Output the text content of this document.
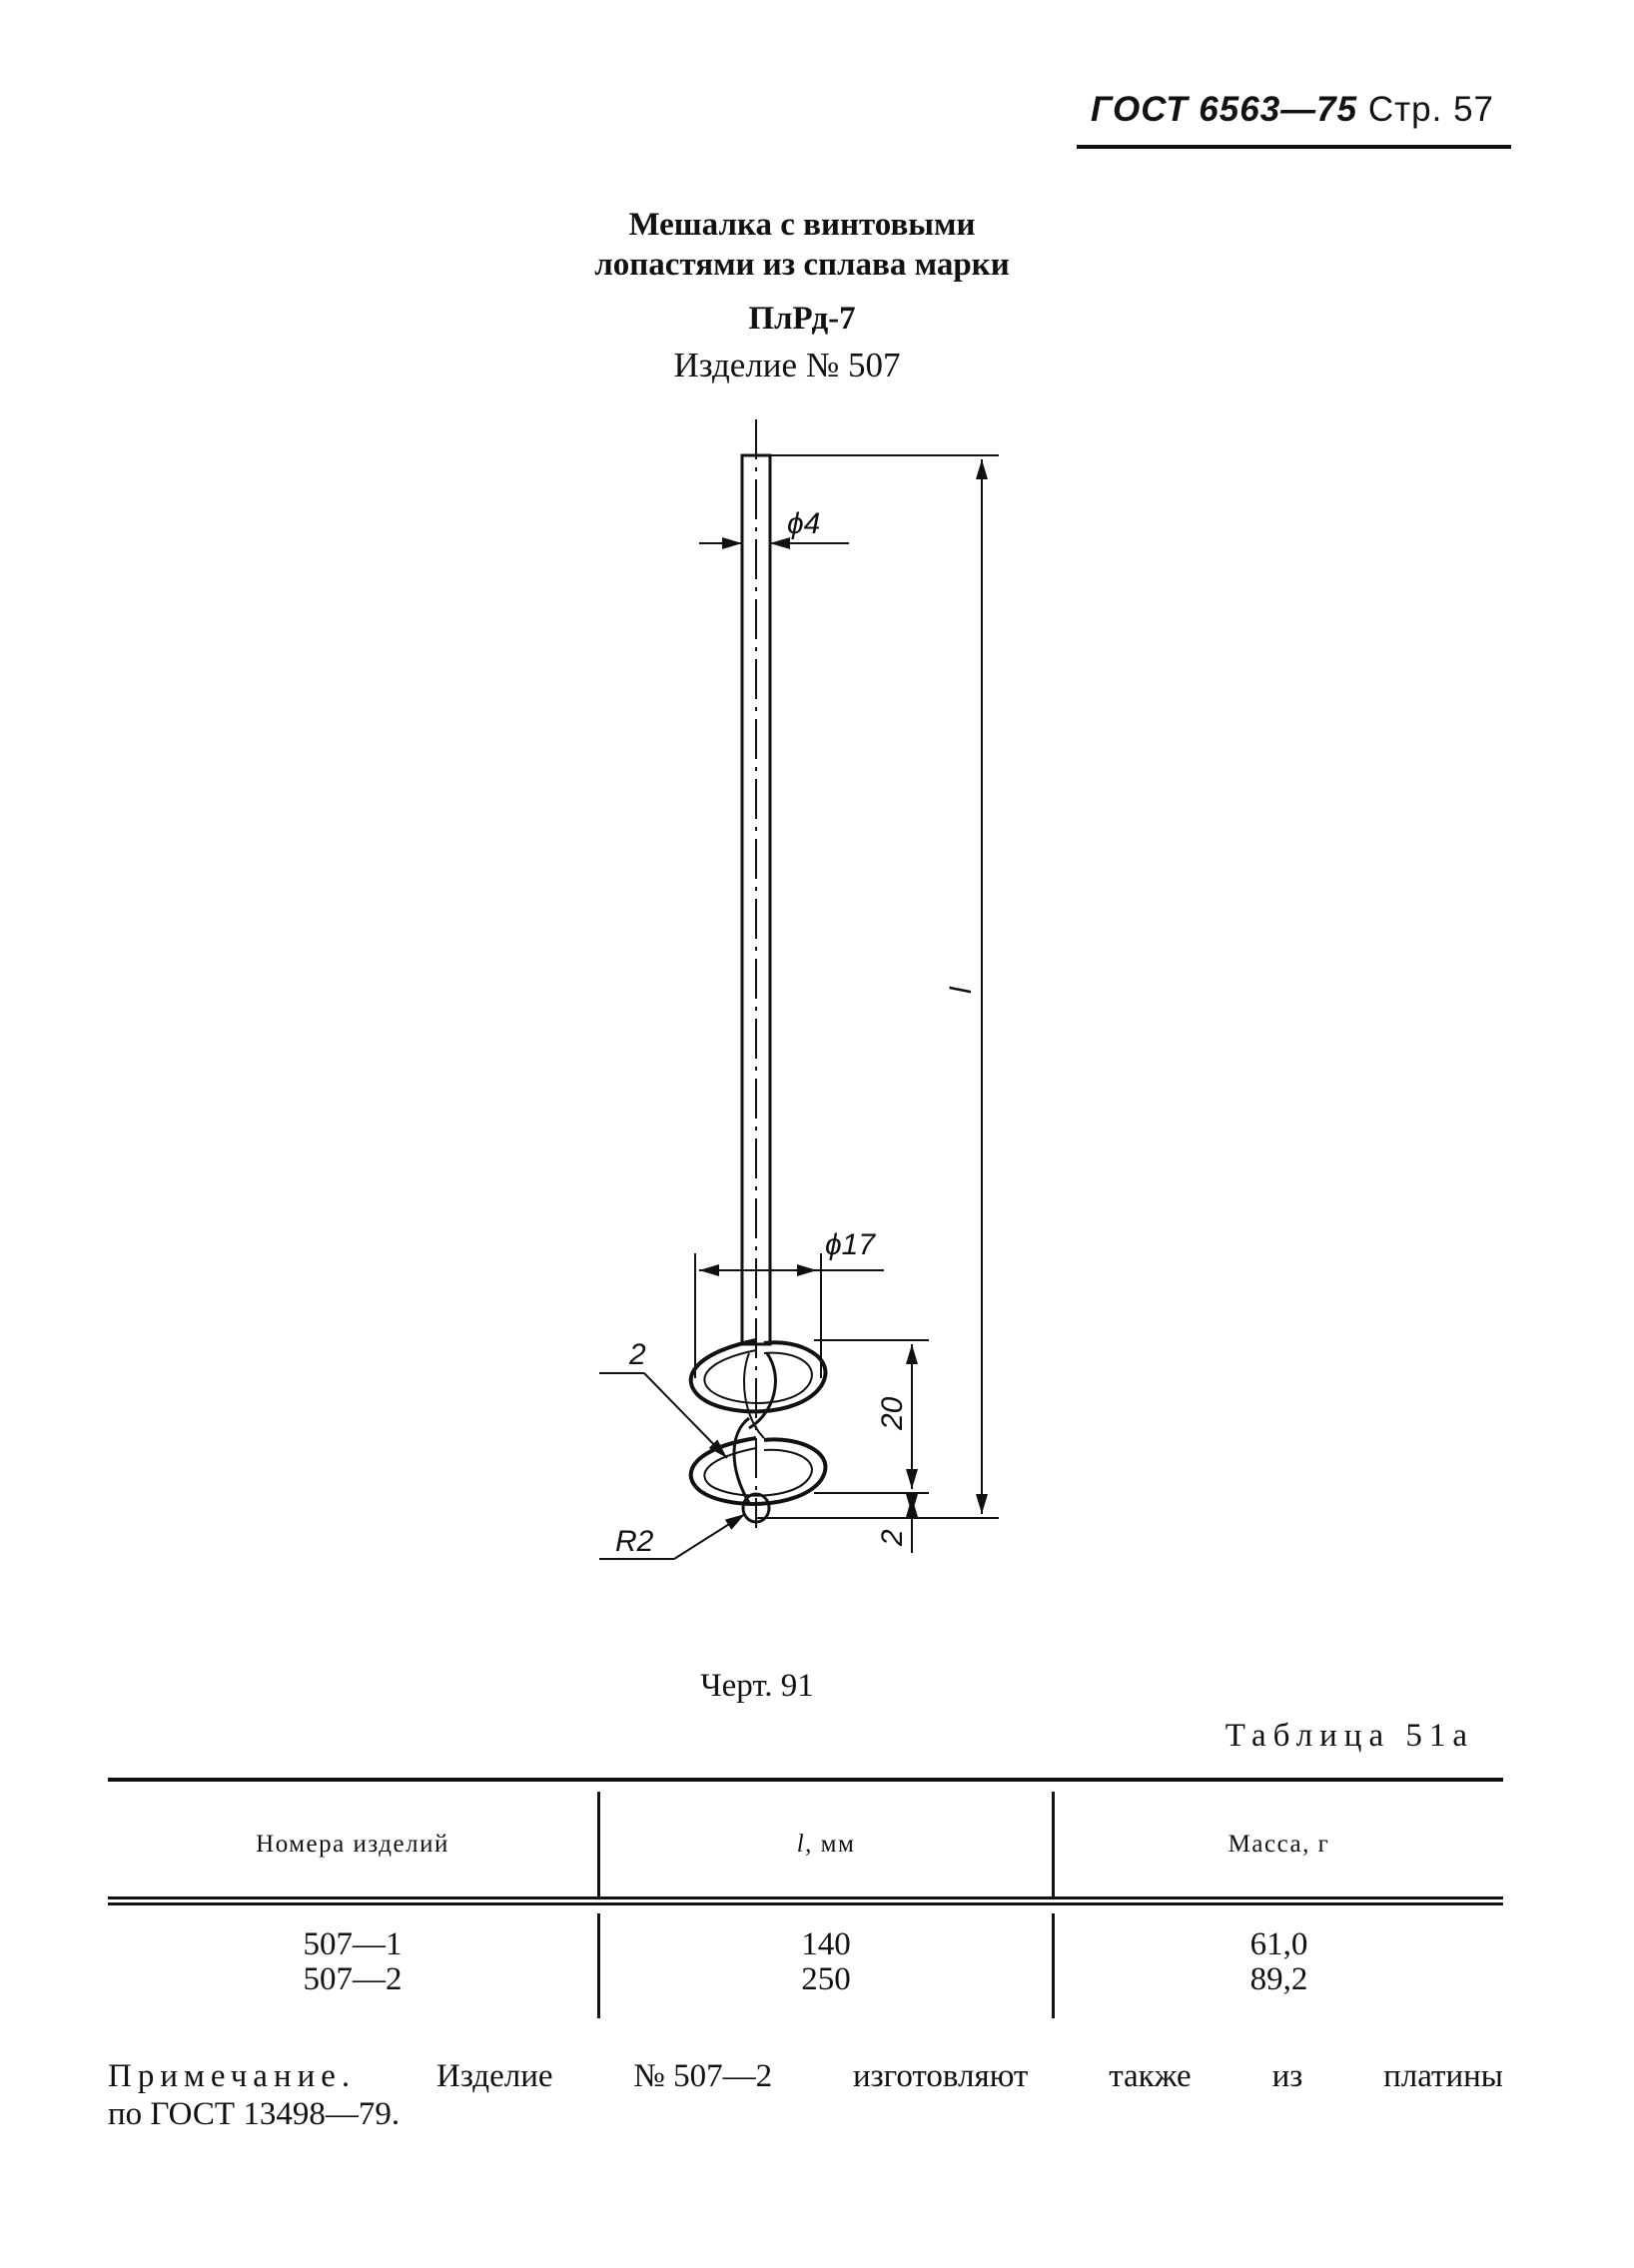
ГОСТ 6563—75 Стр. 57
Мешалка с винтовыми
лопастями из сплава марки
ПлРд-7
Изделие № 507
ϕ4
l
ϕ17
20
2
2
R2
Черт. 91
Таблица 51а
Номера изделий	l, мм	Масса, г
507—1
507—2
140
250
61,0
89,2
Примечание. Изделие № 507—2 изготовляют также из платины
по ГОСТ 13498—79.
